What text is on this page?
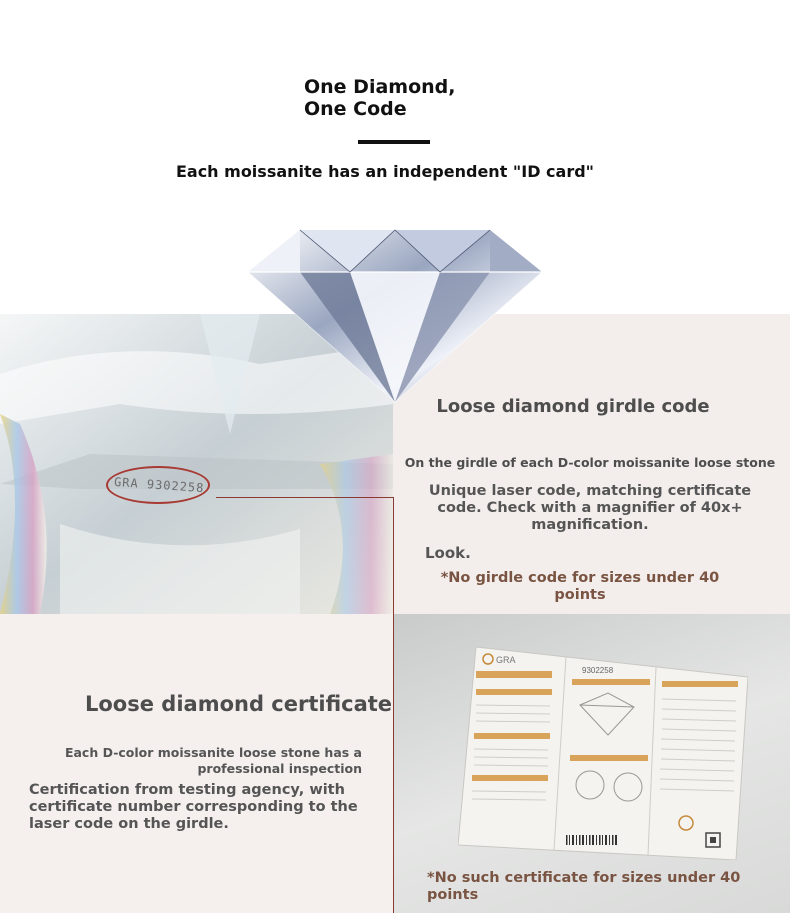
One Diamond,
One Code
Each moissanite has an independent "ID card"
GRA 9302258
Loose diamond girdle code
On the girdle of each D-color moissanite loose stone
Unique laser code, matching certificate code. Check with a magnifier of 40x+ magnification.
Look.
*No girdle code for sizes under 40 points
Loose diamond certificate
Each D-color moissanite loose stone has a professional inspection
Certification from testing agency, with certificate number corresponding to the laser code on the girdle.
*No such certificate for sizes under 40 points
GRA
9302258
